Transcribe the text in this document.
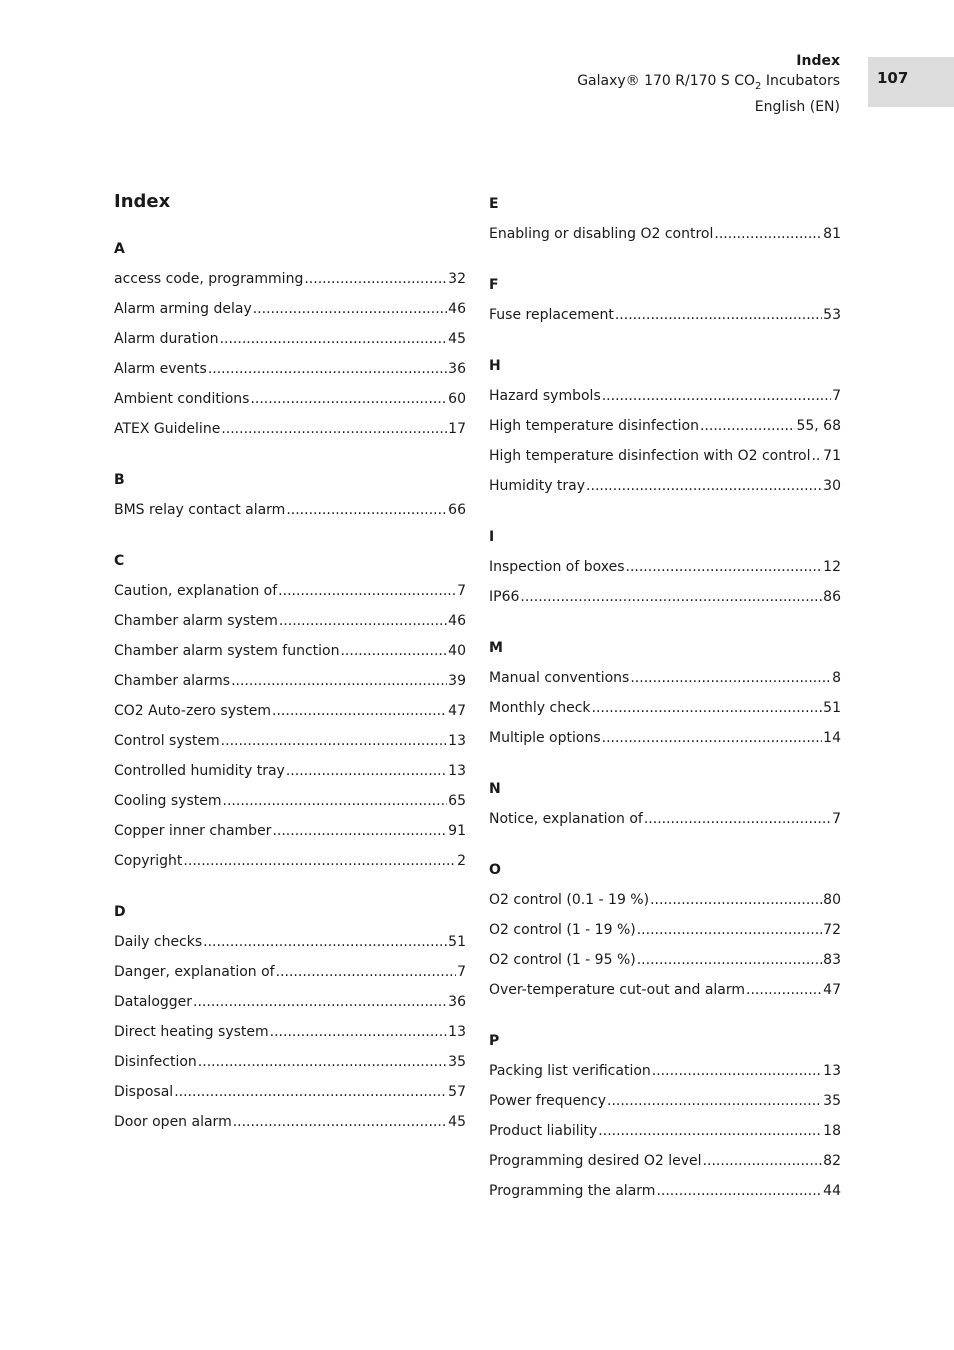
Index
Galaxy® 170 R/170 S $CO_2$ Incubators
English (EN)
107
Index
A
access code, programming .....	32
Alarm arming delay .....	46
Alarm duration .....	45
Alarm events .....	36
Ambient conditions .....	60
ATEX Guideline .....	17
B
BMS relay contact alarm .....	66
C
Caution, explanation of .....	7
Chamber alarm system .....	46
Chamber alarm system function .....	40
Chamber alarms .....	39
CO2 Auto-zero system .....	47
Control system .....	13
Controlled humidity tray .....	13
Cooling system .....	65
Copper inner chamber .....	91
Copyright .....	2
D
Daily checks .....	51
Danger, explanation of .....	7
Datalogger .....	36
Direct heating system .....	13
Disinfection .....	35
Disposal .....	57
Door open alarm .....	45
E
Enabling or disabling O2 control .....	81
F
Fuse replacement .....	53
H
Hazard symbols .....	7
High temperature disinfection .....	55, 68
High temperature disinfection with O2 control ..... 71
Humidity tray .....	30
I
Inspection of boxes .....	12
IP66 .....	86
M
Manual conventions .....	8
Monthly check .....	51
Multiple options .....	14
N
Notice, explanation of .....	7
O
O2 control (0.1 - 19 %) .....	80
O2 control (1 - 19 %) .....	72
O2 control (1 - 95 %) .....	83
Over-temperature cut-out and alarm .....	47
P
Packing list verification .....	13
Power frequency .....	35
Product liability .....	18
Programming desired O2 level .....	82
Programming the alarm .....	44
